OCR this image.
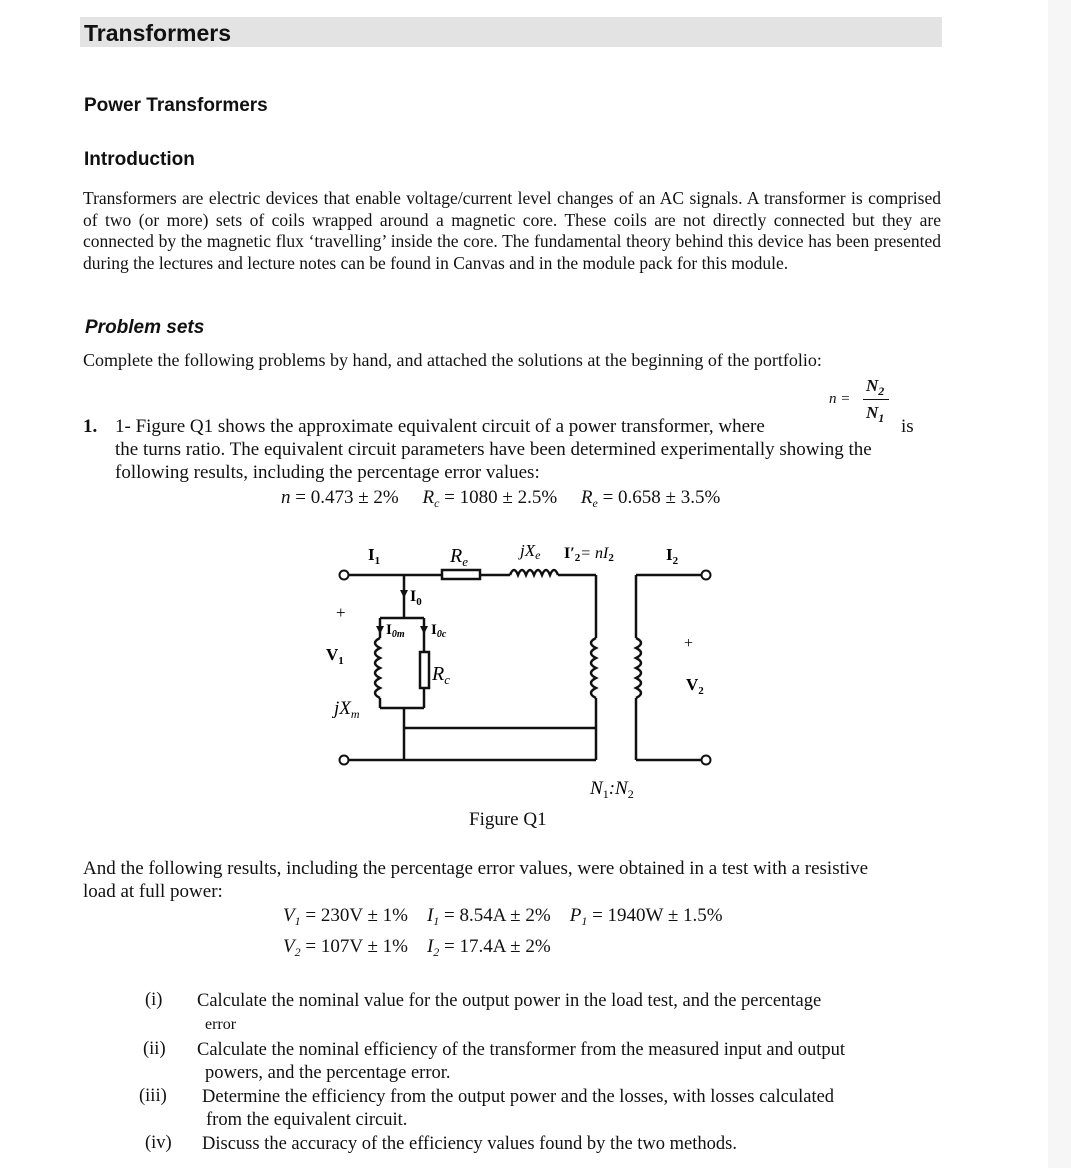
Transformers
Power Transformers
Introduction
Transformers are electric devices that enable voltage/current level changes of an AC signals. A transformer is comprised of two (or more) sets of coils wrapped around a magnetic core. These coils are not directly connected but they are connected by the magnetic flux ‘travelling’ inside the core. The fundamental theory behind this device has been presented during the lectures and lecture notes can be found in Canvas and in the module pack for this module.
Problem sets
Complete the following problems by hand, and attached the solutions at the beginning of the portfolio:
n =
$N_2$
$N_1$
1. 1- Figure Q1 shows the approximate equivalent circuit of a power transformer, where	is
the turns ratio. The equivalent circuit parameters have been determined experimentally showing the
following results, including the percentage error values:
n = 0.473 ± 2% $R_c = 1080 \pm 2.5\%$ $R_e = 0.658 \pm 3.5\%$
$I_1$	$R_e$
jXe I′2= nI2	$I_2$
$I_0$
$I_{0m}$ $I_{0c}$
+
$V_1$
$R_c$
$jX_m$
+
$V_2$
$N_1:N_2$
Figure Q1
And the following results, including the percentage error values, were obtained in a test with a resistive
load at full power:
$V_1 = 230V \pm 1\%$ $I_1 = 8.54A \pm 2\%$ $P_1 = 1940W \pm 1.5\%$
$V_2 = 107V \pm 1\%$ $I_2 = 17.4A \pm 2\%$
(i) Calculate the nominal value for the output power in the load test, and the percentage
error
(ii) Calculate the nominal efficiency of the transformer from the measured input and output
powers, and the percentage error.
(iii) Determine the efficiency from the output power and the losses, with losses calculated
from the equivalent circuit.
(iv) Discuss the accuracy of the efficiency values found by the two methods.
